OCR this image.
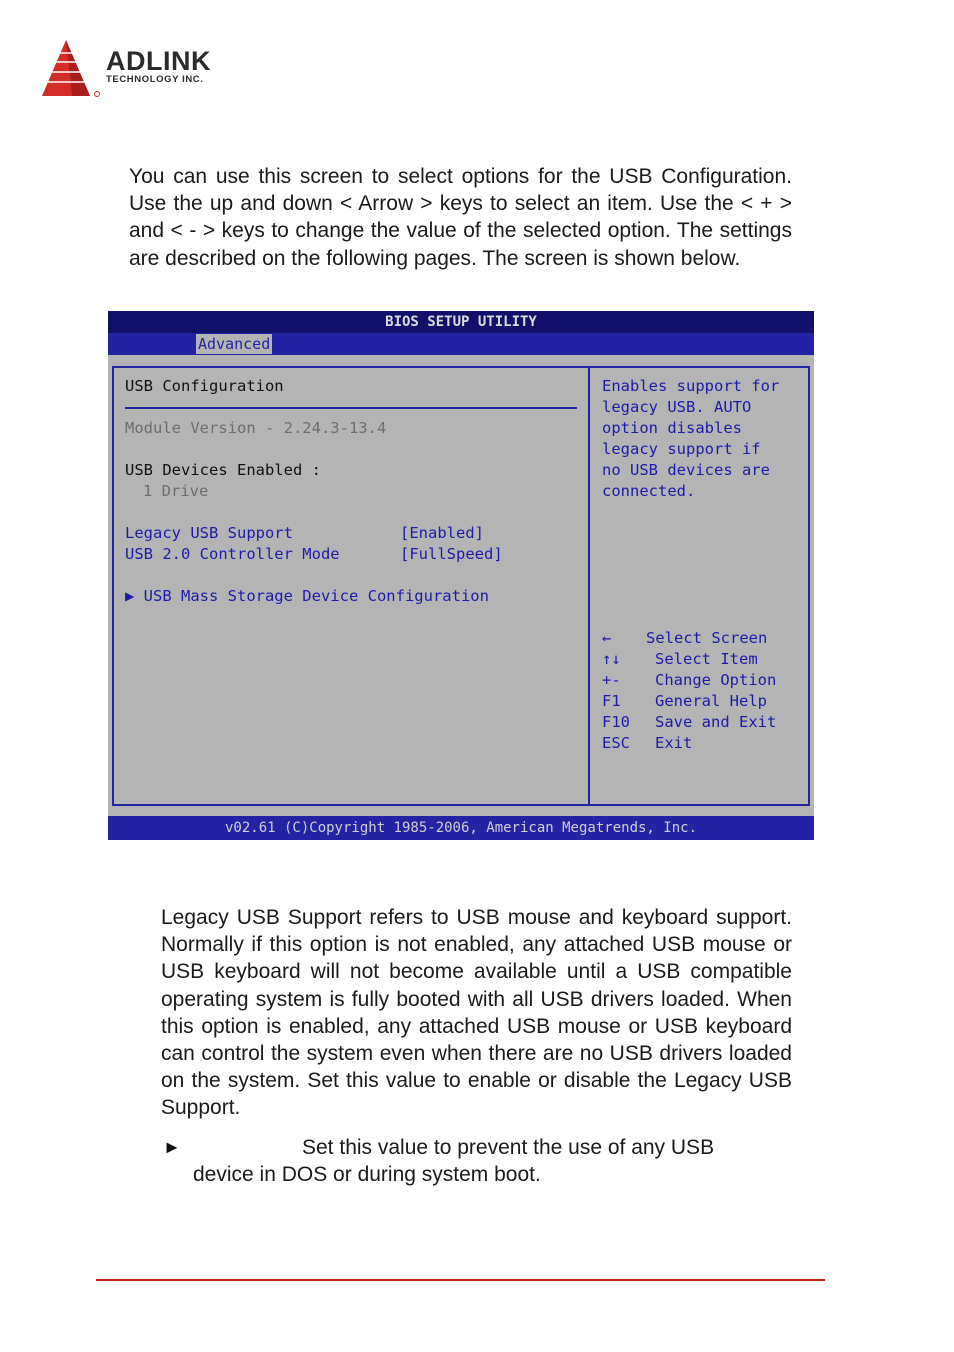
ADLINK
TECHNOLOGY INC.

You can use this screen to select options for the USB Configuration. Use the up and down < Arrow > keys to select an item. Use the < + > and < - > keys to change the value of the selected option. The settings are described on the following pages. The screen is shown below.

BIOS SETUP UTILITY
Advanced
USB Configuration
Module Version - 2.24.3-13.4
USB Devices Enabled :
1 Drive
Legacy USB Support	[Enabled]
USB 2.0 Controller Mode	[FullSpeed]
▶ USB Mass Storage Device Configuration
Enables support for
legacy USB. AUTO
option disables
legacy support if
no USB devices are
connected.
← Select Screen
↑↓ Select Item
+- Change Option
F1 General Help
F10 Save and Exit
ESC Exit
v02.61 (C)Copyright 1985-2006, American Megatrends, Inc.

Legacy USB Support refers to USB mouse and keyboard support. Normally if this option is not enabled, any attached USB mouse or USB keyboard will not become available until a USB compatible operating system is fully booted with all USB drivers loaded. When this option is enabled, any attached USB mouse or USB keyboard can control the system even when there are no USB drivers loaded on the system. Set this value to enable or disable the Legacy USB Support.

►	Set this value to prevent the use of any USB
device in DOS or during system boot.
